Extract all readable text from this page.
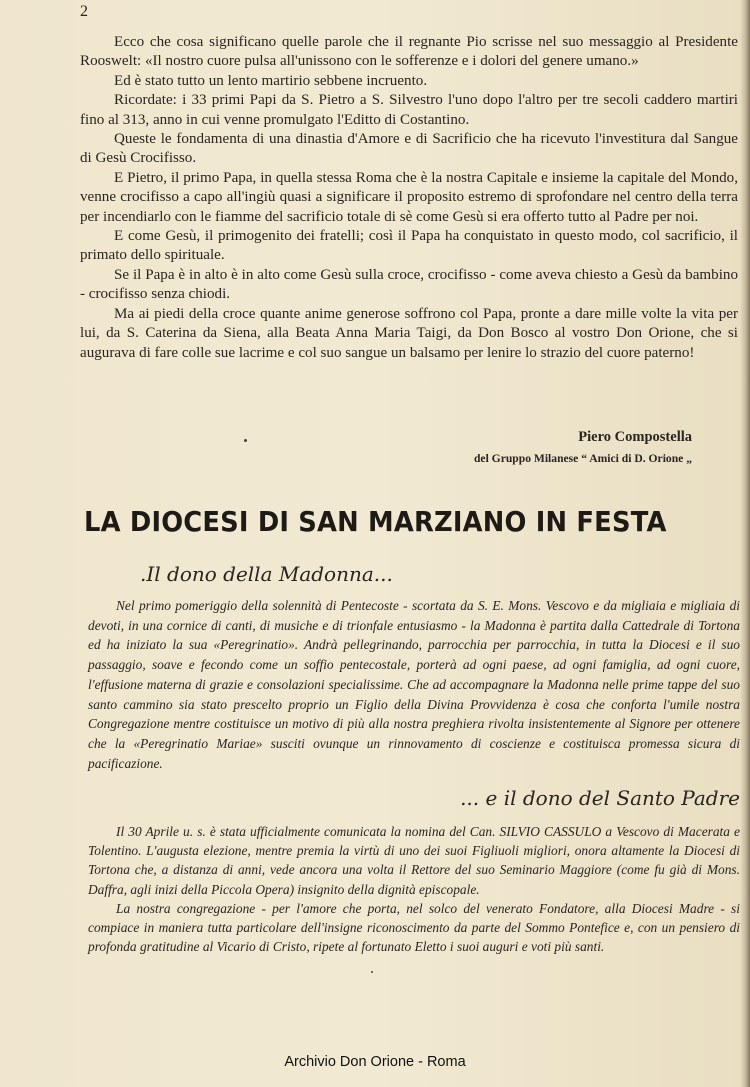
2

Ecco che cosa significano quelle parole che il regnante Pio scrisse nel suo messaggio al Presidente Rooswelt: «Il nostro cuore pulsa all'unissono con le sofferenze e i dolori del genere umano.»

Ed è stato tutto un lento martirio sebbene incruento.

Ricordate: i 33 primi Papi da S. Pietro a S. Silvestro l'uno dopo l'altro per tre secoli caddero martiri fino al 313, anno in cui venne promulgato l'Editto di Costantino.

Queste le fondamenta di una dinastia d'Amore e di Sacrificio che ha ricevuto l'investitura dal Sangue di Gesù Crocifisso.

E Pietro, il primo Papa, in quella stessa Roma che è la nostra Capitale e insieme la capitale del Mondo, venne crocifisso a capo all'ingiù quasi a significare il proposito estremo di sprofondare nel centro della terra per incendiarlo con le fiamme del sacrificio totale di sè come Gesù si era offerto tutto al Padre per noi.

E come Gesù, il primogenito dei fratelli; così il Papa ha conquistato in questo modo, col sacrificio, il primato dello spirituale.

Se il Papa è in alto è in alto come Gesù sulla croce, crocifisso - come aveva chiesto a Gesù da bambino - crocifisso senza chiodi.

Ma ai piedi della croce quante anime generose soffrono col Papa, pronte a dare mille volte la vita per lui, da S. Caterina da Siena, alla Beata Anna Maria Taigi, da Don Bosco al vostro Don Orione, che si augurava di fare colle sue lacrime e col suo sangue un balsamo per lenire lo strazio del cuore paterno!

Piero Compostella
del Gruppo Milanese “ Amici di D. Orione „
LA DIOCESI DI SAN MARZIANO IN FESTA
.Il dono della Madonna...

Nel primo pomeriggio della solennità di Pentecoste - scortata da S. E. Mons. Vescovo e da migliaia e migliaia di devoti, in una cornice di canti, di musiche e di trionfale entusiasmo - la Madonna è partita dalla Cattedrale di Tortona ed ha iniziato la sua «Peregrinatio». Andrà pellegrinando, parrocchia per parrocchia, in tutta la Diocesi e il suo passaggio, soave e fecondo come un soffio pentecostale, porterà ad ogni paese, ad ogni famiglia, ad ogni cuore, l'effusione materna di grazie e consolazioni specialissime. Che ad accompagnare la Madonna nelle prime tappe del suo santo cammino sia stato prescelto proprio un Figlio della Divina Provvidenza è cosa che conforta l'umile nostra Congregazione mentre costituisce un motivo di più alla nostra preghiera rivolta insistentemente al Signore per ottenere che la «Peregrinatio Mariae» susciti ovunque un rinnovamento di coscienze e costituisca promessa sicura di pacificazione.

... e il dono del Santo Padre

Il 30 Aprile u. s. è stata ufficialmente comunicata la nomina del Can. SILVIO CASSULO a Vescovo di Macerata e Tolentino. L'augusta elezione, mentre premia la virtù di uno dei suoi Figliuoli migliori, onora altamente la Diocesi di Tortona che, a distanza di anni, vede ancora una volta il Rettore del suo Seminario Maggiore (come fu già di Mons. Daffra, agli inizi della Piccola Opera) insignito della dignità episcopale.

La nostra congregazione - per l'amore che porta, nel solco del venerato Fondatore, alla Diocesi Madre - si compiace in maniera tutta particolare dell'insigne riconoscimento da parte del Sommo Pontefice e, con un pensiero di profonda gratitudine al Vicario di Cristo, ripete al fortunato Eletto i suoi auguri e voti più santi.

Archivio Don Orione - Roma
